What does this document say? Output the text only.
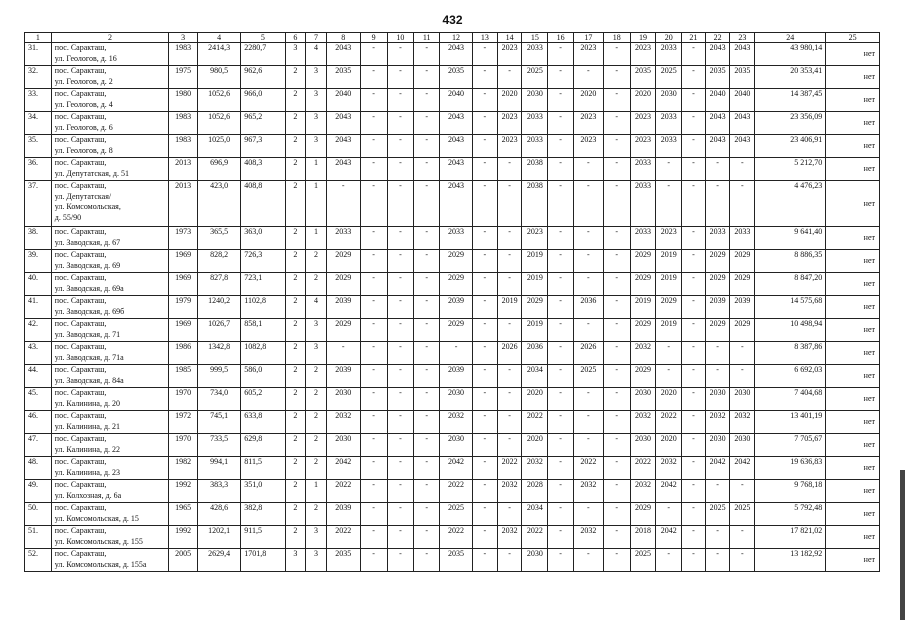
432
1	2	3	4	5	6	7	8	9	10	11	12	13	14	15	16	17	18	19	20	21	22	23	24	25
31.	пос. Саракташ,
ул. Геологов, д. 16	1983	2414,3	2280,7	3	4	2043	-	-	-	2043	-	2023	2033	-	2023	-	2023	2033	-	2043	2043	43 980,14	нет
32.	пос. Саракташ,
ул. Геологов, д. 2	1975	980,5	962,6	2	3	2035	-	-	-	2035	-	-	2025	-	-	-	2035	2025	-	2035	2035	20 353,41	нет
33.	пос. Саракташ,
ул. Геологов, д. 4	1980	1052,6	966,0	2	3	2040	-	-	-	2040	-	2020	2030	-	2020	-	2020	2030	-	2040	2040	14 387,45	нет
34.	пос. Саракташ,
ул. Геологов, д. 6	1983	1052,6	965,2	2	3	2043	-	-	-	2043	-	2023	2033	-	2023	-	2023	2033	-	2043	2043	23 356,09	нет
35.	пос. Саракташ,
ул. Геологов, д. 8	1983	1025,0	967,3	2	3	2043	-	-	-	2043	-	2023	2033	-	2023	-	2023	2033	-	2043	2043	23 406,91	нет
36.	пос. Саракташ,
ул. Депутатская, д. 51	2013	696,9	408,3	2	1	2043	-	-	-	2043	-	-	2038	-	-	-	2033	-	-	-	-	5 212,70	нет
37.	пос. Саракташ,
ул. Депутатская/
ул. Комсомольская,
д. 55/90	2013	423,0	408,8	2	1	-	-	-	-	2043	-	-	2038	-	-	-	2033	-	-	-	-	4 476,23	нет
38.	пос. Саракташ,
ул. Заводская, д. 67	1973	365,5	363,0	2	1	2033	-	-	-	2033	-	-	2023	-	-	-	2033	2023	-	2033	2033	9 641,40	нет
39.	пос. Саракташ,
ул. Заводская, д. 69	1969	828,2	726,3	2	2	2029	-	-	-	2029	-	-	2019	-	-	-	2029	2019	-	2029	2029	8 886,35	нет
40.	пос. Саракташ,
ул. Заводская, д. 69а	1969	827,8	723,1	2	2	2029	-	-	-	2029	-	-	2019	-	-	-	2029	2019	-	2029	2029	8 847,20	нет
41.	пос. Саракташ,
ул. Заводская, д. 69б	1979	1240,2	1102,8	2	4	2039	-	-	-	2039	-	2019	2029	-	2036	-	2019	2029	-	2039	2039	14 575,68	нет
42.	пос. Саракташ,
ул. Заводская, д. 71	1969	1026,7	858,1	2	3	2029	-	-	-	2029	-	-	2019	-	-	-	2029	2019	-	2029	2029	10 498,94	нет
43.	пос. Саракташ,
ул. Заводская, д. 71а	1986	1342,8	1082,8	2	3	-	-	-	-	-	-	2026	2036	-	2026	-	2032	-	-	-	-	8 387,86	нет
44.	пос. Саракташ,
ул. Заводская, д. 84а	1985	999,5	586,0	2	2	2039	-	-	-	2039	-	-	2034	-	2025	-	2029	-	-	-	-	6 692,03	нет
45.	пос. Саракташ,
ул. Калинина, д. 20	1970	734,0	605,2	2	2	2030	-	-	-	2030	-	-	2020	-	-	-	2030	2020	-	2030	2030	7 404,68	нет
46.	пос. Саракташ,
ул. Калинина, д. 21	1972	745,1	633,8	2	2	2032	-	-	-	2032	-	-	2022	-	-	-	2032	2022	-	2032	2032	13 401,19	нет
47.	пос. Саракташ,
ул. Калинина, д. 22	1970	733,5	629,8	2	2	2030	-	-	-	2030	-	-	2020	-	-	-	2030	2020	-	2030	2030	7 705,67	нет
48.	пос. Саракташ,
ул. Калинина, д. 23	1982	994,1	811,5	2	2	2042	-	-	-	2042	-	2022	2032	-	2022	-	2022	2032	-	2042	2042	19 636,83	нет
49.	пос. Саракташ,
ул. Колхозная, д. 6а	1992	383,3	351,0	2	1	2022	-	-	-	2022	-	2032	2028	-	2032	-	2032	2042	-	-	-	9 768,18	нет
50.	пос. Саракташ,
ул. Комсомольская, д. 15	1965	428,6	382,8	2	2	2039	-	-	-	2025	-	-	2034	-	-	-	2029	-	-	2025	2025	5 792,48	нет
51.	пос. Саракташ,
ул. Комсомольская, д. 155	1992	1202,1	911,5	2	3	2022	-	-	-	2022	-	2032	2022	-	2032	-	2018	2042	-	-	-	17 821,02	нет
52.	пос. Саракташ,
ул. Комсомольская, д. 155а	2005	2629,4	1701,8	3	3	2035	-	-	-	2035	-	-	2030	-	-	-	2025	-	-	-	-	13 182,92	нет
